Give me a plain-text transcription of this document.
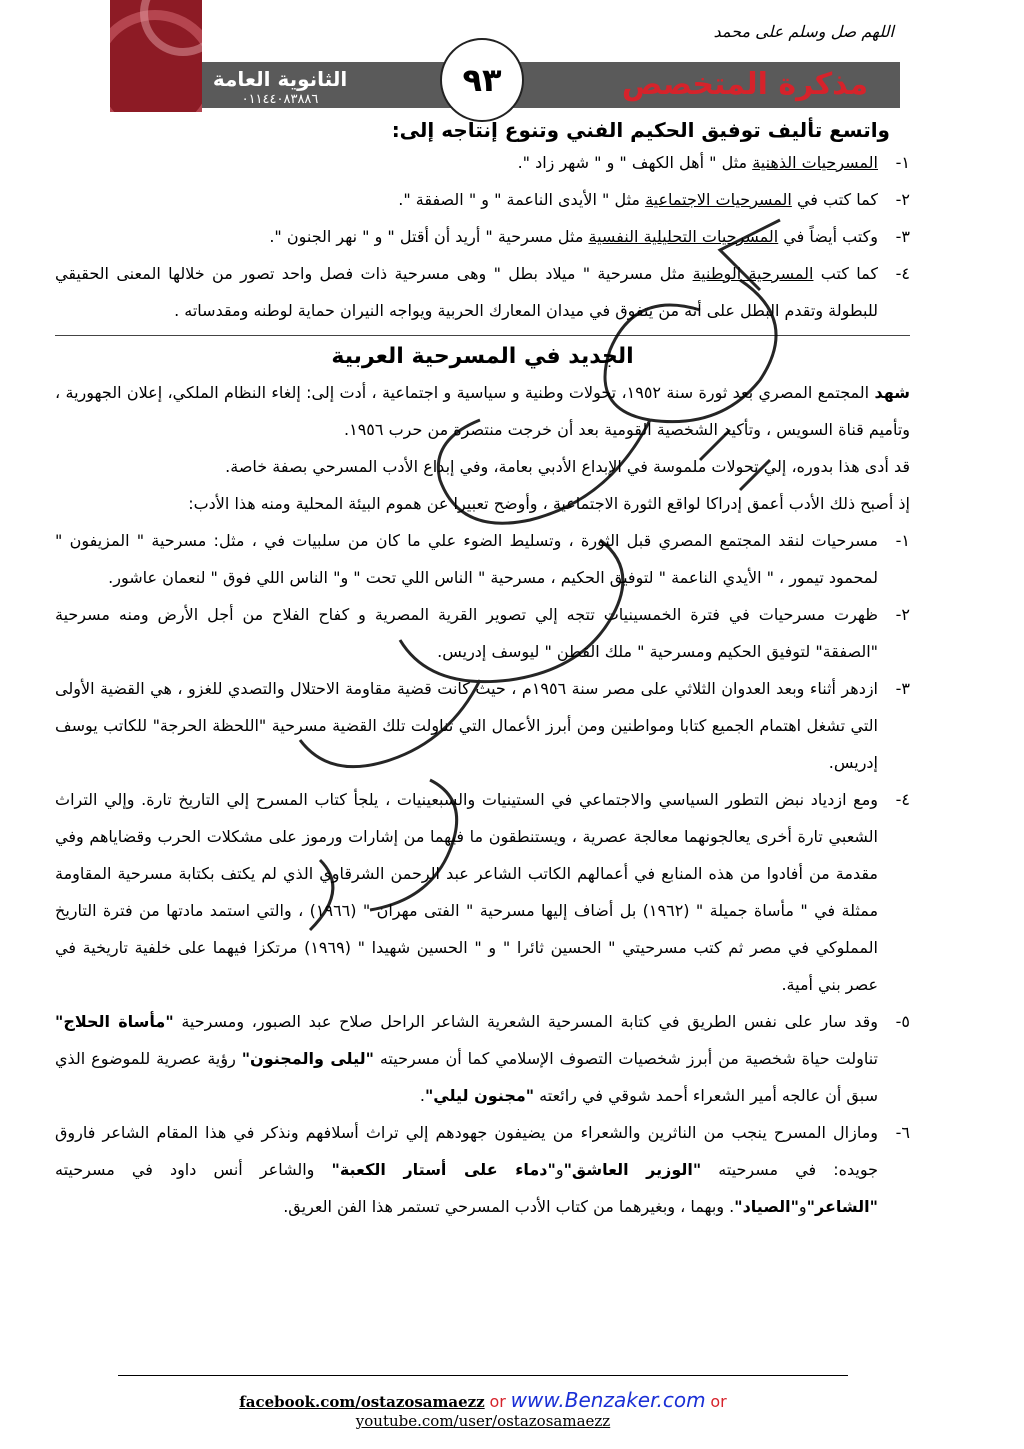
اللهم صل وسلم على محمد
الثانوية العامة
٠١١٤٤٠٨٣٨٨٦	مذكرة المتخصص
٩٣
واتسع تأليف توفيق الحكيم الفني وتنوع إنتاجه إلى:
١-
المسرحيات الذهنية مثل " أهل الكهف " و " شهر زاد ".
٢-
كما كتب في المسرحيات الاجتماعية مثل " الأيدى الناعمة " و " الصفقة ".
٣-
وكتب أيضاً في المسرحيات التحليلية النفسية مثل مسرحية " أريد أن أقتل " و " نهر الجنون ".
٤-
كما كتب المسرحية الوطنية مثل مسرحية " ميلاد بطل " وهى مسرحية ذات فصل واحد تصور من خلالها المعنى الحقيقي للبطولة وتقدم البطل على أنه من يتفوق في ميدان المعارك الحربية ويواجه النيران حماية لوطنه ومقدساته .
الجديد في المسرحية العربية
شهد المجتمع المصري بعد ثورة سنة ١٩٥٢، تحولات وطنية و سياسية و اجتماعية ، أدت إلى: إلغاء النظام الملكي، إعلان الجهورية ، وتأميم قناة السويس ، وتأكيد الشخصية القومية بعد أن خرجت منتصرة من حرب ١٩٥٦.
قد أدى هذا بدوره، إلي تحولات ملموسة في الإبداع الأدبي بعامة، وفي إبداع الأدب المسرحي بصفة خاصة.
إذ أصبح ذلك الأدب أعمق إدراكا لواقع الثورة الاجتماعية ، وأوضح تعبيرا عن هموم البيئة المحلية ومنه هذا الأدب:
١-
مسرحيات لنقد المجتمع المصري قبل الثورة ، وتسليط الضوء علي ما كان من سلبيات في ، مثل: مسرحية " المزيفون " لمحمود تيمور ، " الأيدي الناعمة " لتوفيق الحكيم ، مسرحية " الناس اللي تحت " و" الناس اللي فوق " لنعمان عاشور.
٢-
ظهرت مسرحيات في فترة الخمسينيات تتجه إلي تصوير القرية المصرية و كفاح الفلاح من أجل الأرض ومنه مسرحية "الصفقة" لتوفيق الحكيم ومسرحية " ملك القطن " ليوسف إدريس.
٣-
ازدهر أثناء وبعد العدوان الثلاثي على مصر سنة ١٩٥٦م ، حيث كانت قضية مقاومة الاحتلال والتصدي للغزو ، هي القضية الأولى التي تشغل اهتمام الجميع كتابا ومواطنين ومن أبرز الأعمال التي تناولت تلك القضية مسرحية "اللحظة الحرجة" للكاتب يوسف إدريس.
٤-
ومع ازدياد نبض التطور السياسي والاجتماعي في الستينيات والسبعينيات ، يلجأ كتاب المسرح إلي التاريخ تارة. وإلي التراث الشعبي تارة أخرى يعالجونهما معالجة عصرية ، ويستنطقون ما فيهما من إشارات ورموز على مشكلات الحرب وقضاياهم وفي مقدمة من أفادوا من هذه المنابع في أعمالهم الكاتب الشاعر عبد الرحمن الشرقاوي الذي لم يكتف بكتابة مسرحية المقاومة ممثلة في " مأساة جميلة " (١٩٦٢) بل أضاف إليها مسرحية " الفتى مهران " (١٩٦٦) ، والتي استمد مادتها من فترة التاريخ المملوكي في مصر ثم كتب مسرحيتي " الحسين ثائرا " و " الحسين شهيدا " (١٩٦٩) مرتكزا فيهما على خلفية تاريخية في عصر بني أمية.
٥-
وقد سار على نفس الطريق في كتابة المسرحية الشعرية الشاعر الراحل صلاح عبد الصبور، ومسرحية "مأساة الحلاج" تناولت حياة شخصية من أبرز شخصيات التصوف الإسلامي كما أن مسرحيته "ليلى والمجنون" رؤية عصرية للموضوع الذي سبق أن عالجه أمير الشعراء أحمد شوقي في رائعته "مجنون ليلي".
٦-
ومازال المسرح ينجب من الناثرين والشعراء من يضيفون جهودهم إلي تراث أسلافهم ونذكر في هذا المقام الشاعر فاروق جويده: في مسرحيته "الوزير العاشق"و"دماء على أستار الكعبة" والشاعر أنس داود في مسرحيته "الشاعر"و"الصياد". وبهما ، وبغيرهما من كتاب الأدب المسرحي تستمر هذا الفن العريق.
أسامة عز الدين
facebook.com/ostazosamaezz or www.Benzaker.com or youtube.com/user/ostazosamaezz
